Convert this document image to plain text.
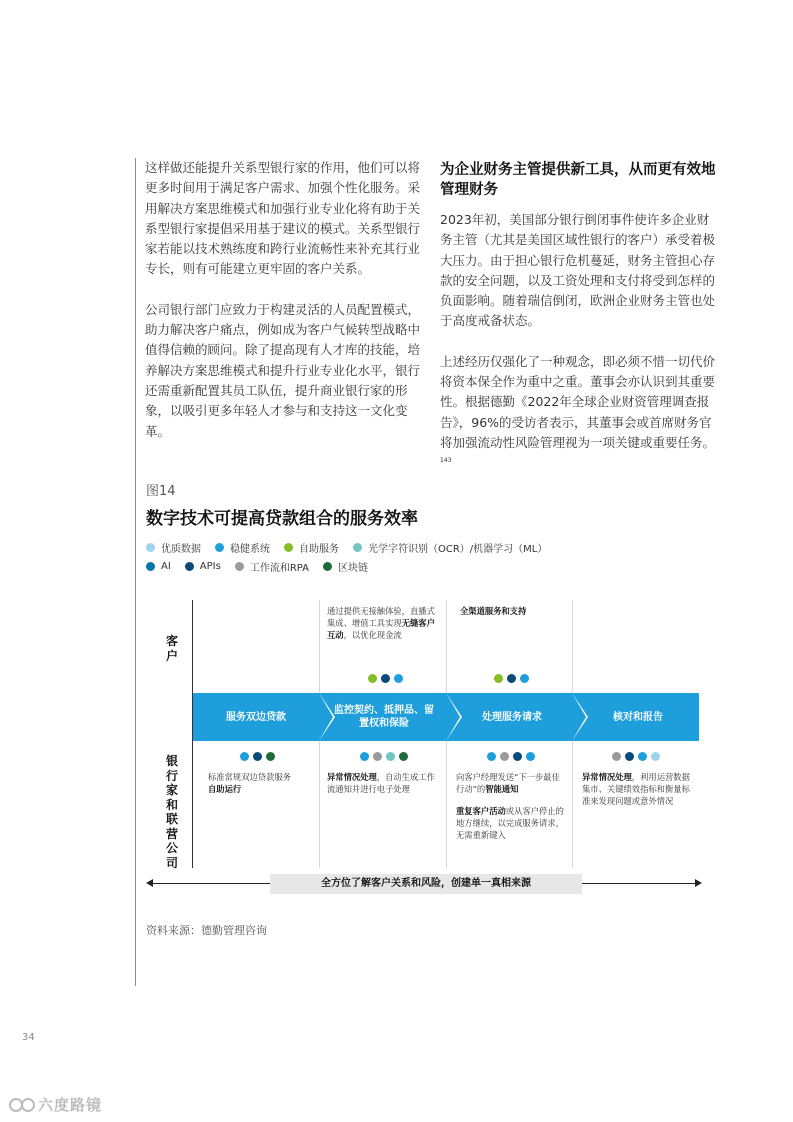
这样做还能提升关系型银行家的作用，他们可以将更多时间用于满足客户需求、加强个性化服务。采用解决方案思维模式和加强行业专业化将有助于关系型银行家提倡采用基于建议的模式。关系型银行家若能以技术熟练度和跨行业流畅性来补充其行业专长，则有可能建立更牢固的客户关系。

公司银行部门应致力于构建灵活的人员配置模式，助力解决客户痛点，例如成为客户气候转型战略中值得信赖的顾问。除了提高现有人才库的技能，培养解决方案思维模式和提升行业专业化水平，银行还需重新配置其员工队伍，提升商业银行家的形象，以吸引更多年轻人才参与和支持这一文化变革。

为企业财务主管提供新工具，从而更有效地管理财务

2023年初，美国部分银行倒闭事件使许多企业财务主管（尤其是美国区域性银行的客户）承受着极大压力。由于担心银行危机蔓延，财务主管担心存款的安全问题，以及工资处理和支付将受到怎样的负面影响。随着瑞信倒闭，欧洲企业财务主管也处于高度戒备状态。

上述经历仅强化了一种观念，即必须不惜一切代价将资本保全作为重中之重。董事会亦认识到其重要性。根据德勤《2022年全球企业财资管理调查报告》，96%的受访者表示，其董事会或首席财务官将加强流动性风险管理视为一项关键或重要任务。$^{143}$

图14
数字技术可提高贷款组合的服务效率
优质数据	稳健系统	自助服务	光学字符识别（OCR）/机器学习（ML）
AI	APIs	工作流和RPA	区块链
客户
银行家和联营公司
通过提供无接触体验，直播式集成、增值工具实现无缝客户互动，以优化现金流
全渠道服务和支持
服务双边贷款
监控契约、抵押品、留置权和保险
处理服务请求	核对和报告
标准常规双边贷款服务
自助运行
异常情况处理，自动生成工作流通知并进行电子处理
向客户经理发送“下一步最佳行动”的智能通知
重复客户活动或从客户停止的地方继续，以完成服务请求，无需重新键入
异常情况处理，利用运营数据集市、关键绩效指标和衡量标准来发现问题或意外情况
全方位了解客户关系和风险，创建单一真相来源
资料来源：德勤管理咨询
34
六度路镜
